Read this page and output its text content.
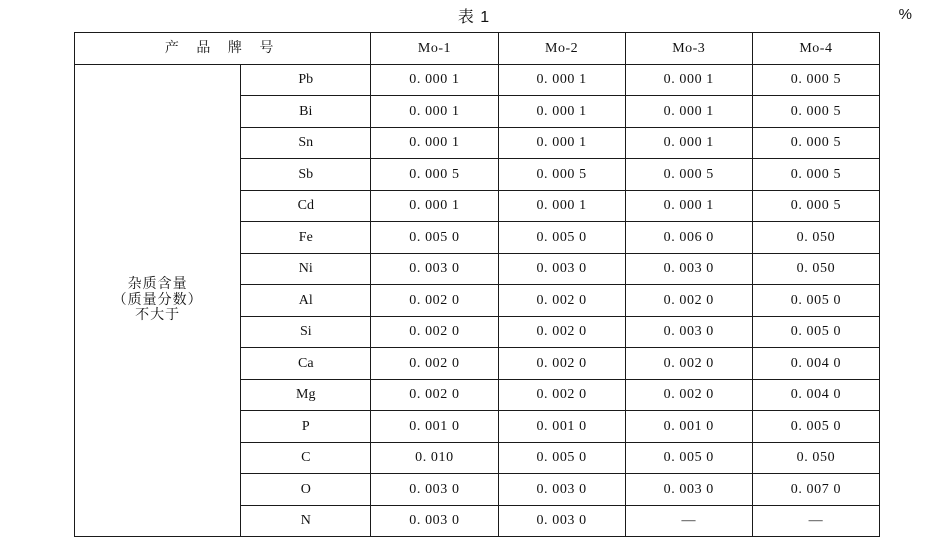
表 1	%
产 品 牌 号		Mo-1	Mo-2	Mo-3	Mo-4

杂质含量
（质量分数）
不大于	Pb	0. 000 1	0. 000 1	0. 000 1	0. 000 5
	Bi	0. 000 1	0. 000 1	0. 000 1	0. 000 5
	Sn	0. 000 1	0. 000 1	0. 000 1	0. 000 5
	Sb	0. 000 5	0. 000 5	0. 000 5	0. 000 5
	Cd	0. 000 1	0. 000 1	0. 000 1	0. 000 5
	Fe	0. 005 0	0. 005 0	0. 006 0	0. 050
	Ni	0. 003 0	0. 003 0	0. 003 0	0. 050
	Al	0. 002 0	0. 002 0	0. 002 0	0. 005 0
	Si	0. 002 0	0. 002 0	0. 003 0	0. 005 0
	Ca	0. 002 0	0. 002 0	0. 002 0	0. 004 0
	Mg	0. 002 0	0. 002 0	0. 002 0	0. 004 0
	P	0. 001 0	0. 001 0	0. 001 0	0. 005 0
	C	0. 010	0. 005 0	0. 005 0	0. 050
	O	0. 003 0	0. 003 0	0. 003 0	0. 007 0
	N	0. 003 0	0. 003 0	—	—
